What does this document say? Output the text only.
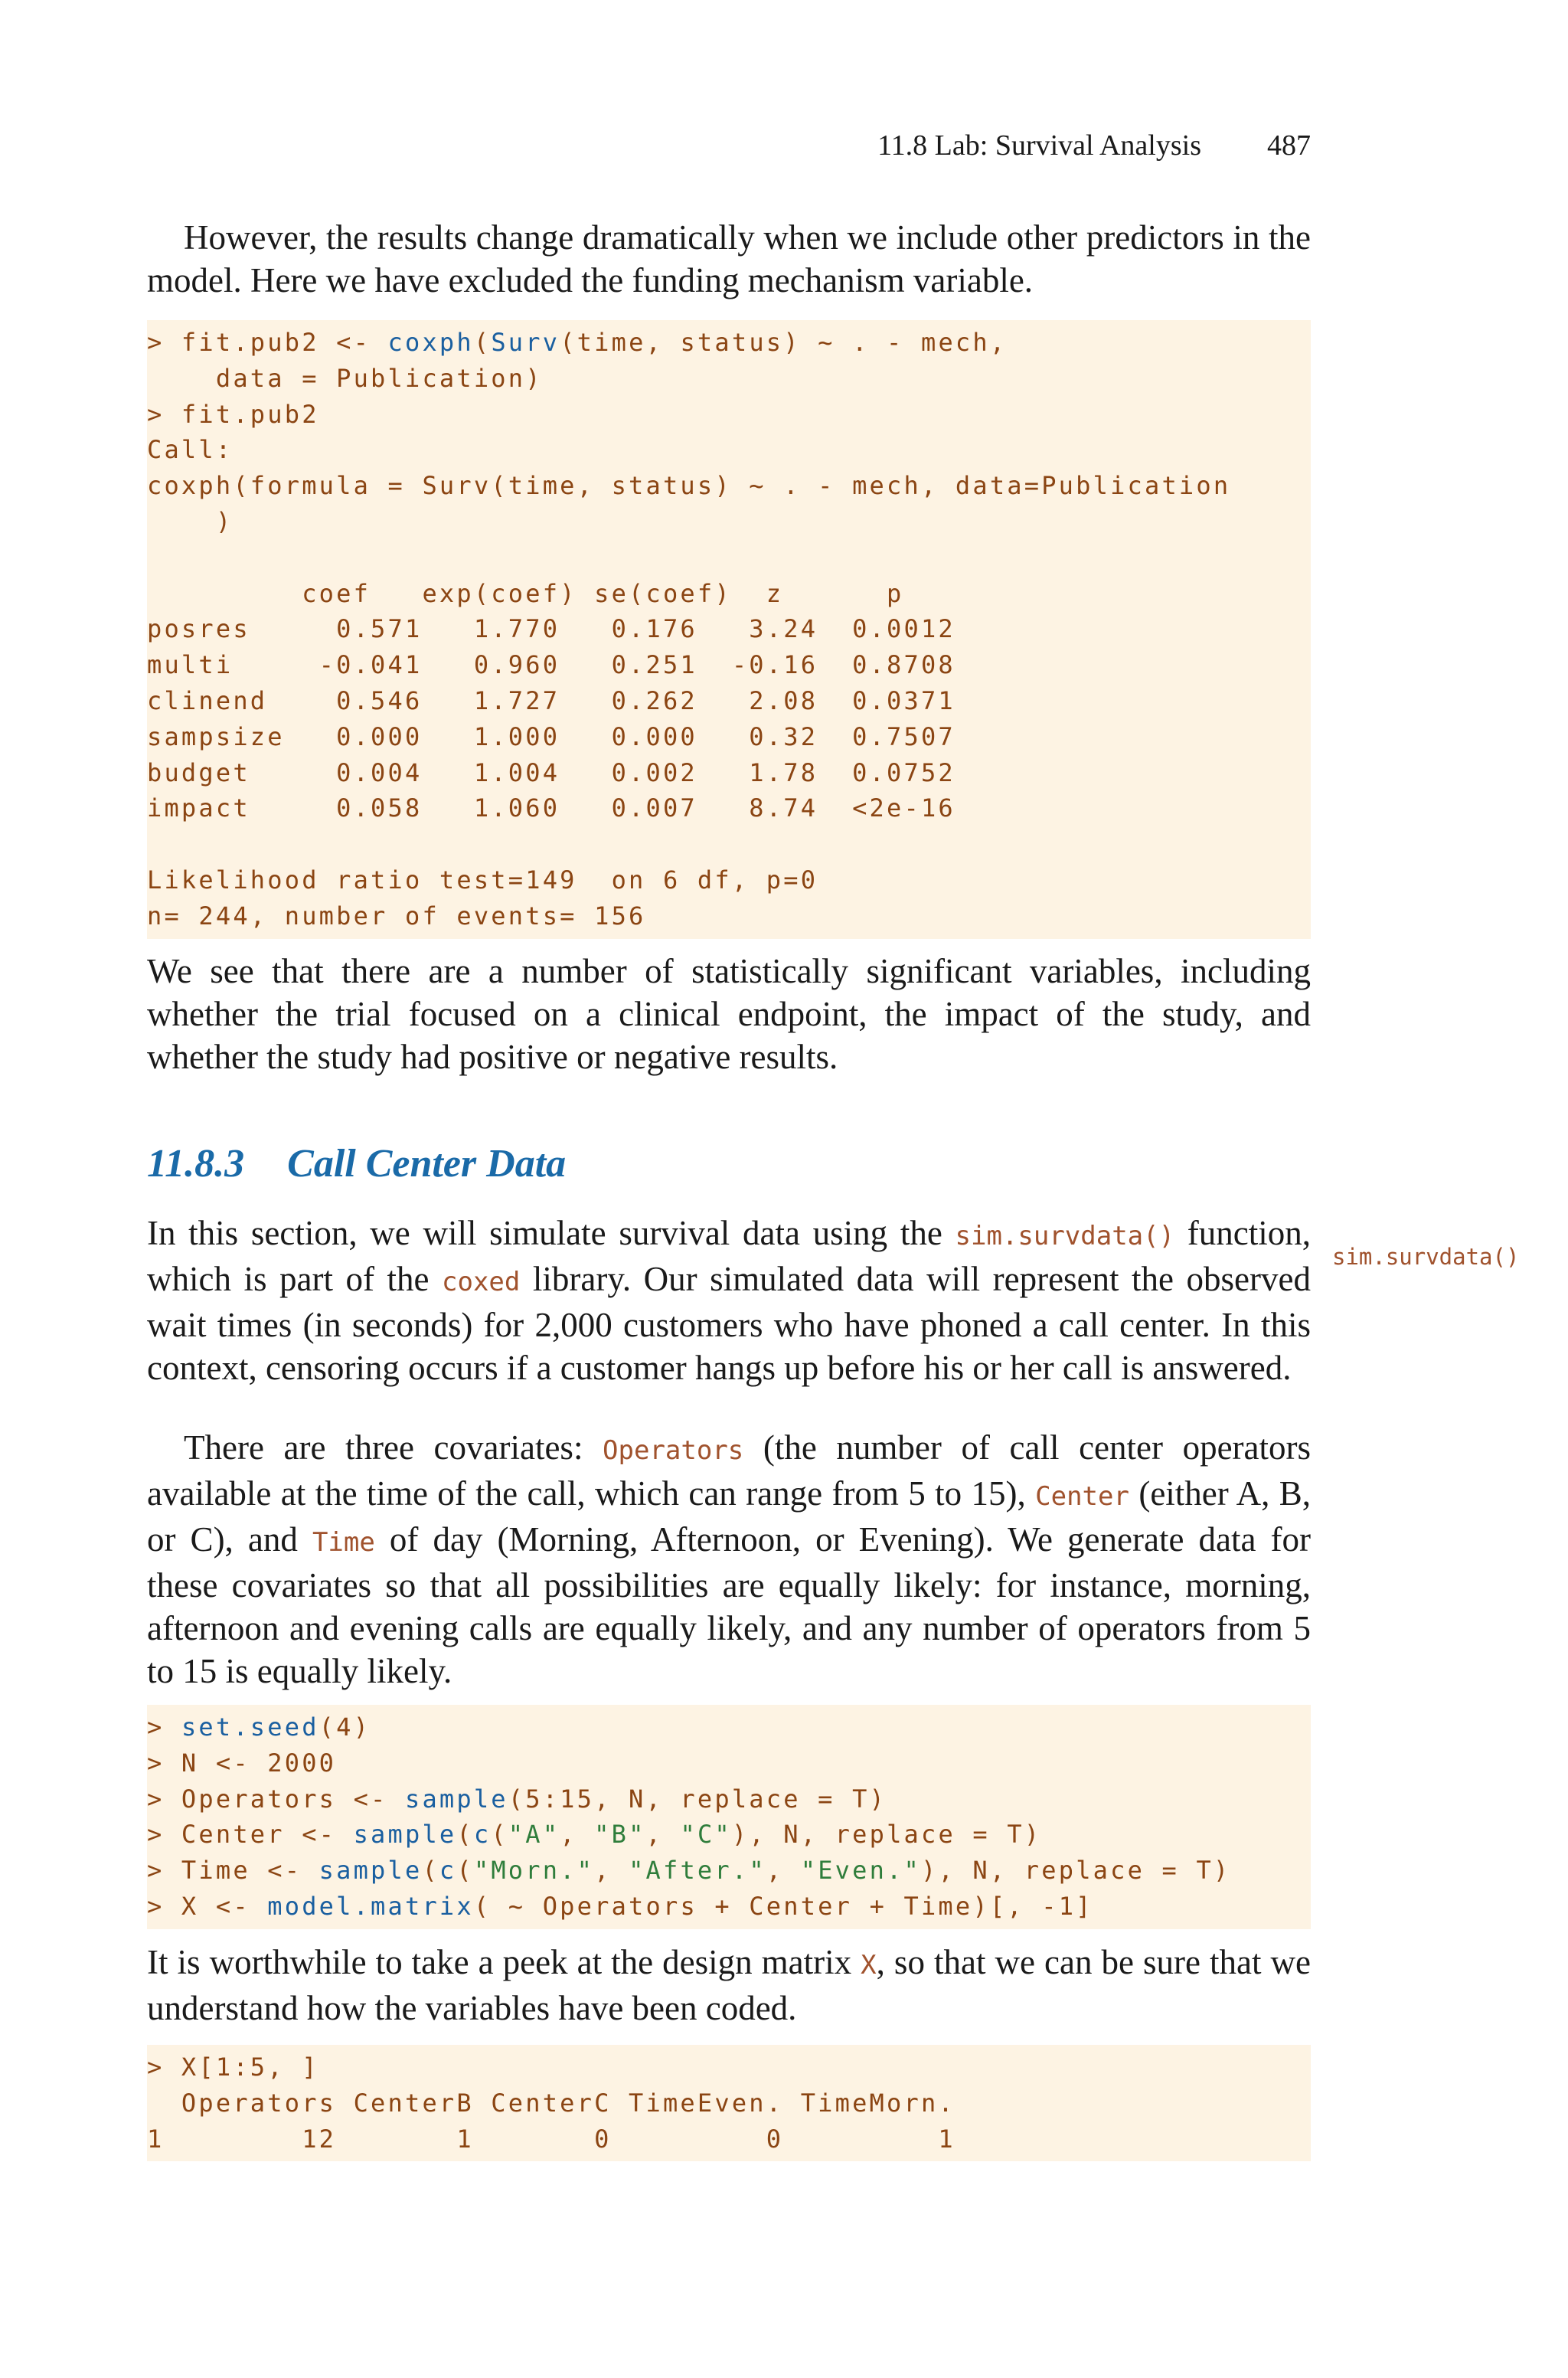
11.8 Lab: Survival Analysis 487

However, the results change dramatically when we include other predictors in the model. Here we have excluded the funding mechanism variable.

> fit.pub2 <- coxph(Surv(time, status) ~ . - mech,
data = Publication)
> fit.pub2
Call:
coxph(formula = Surv(time, status) ~ . - mech, data=Publication
)
coef   exp(coef) se(coef)  z      p
posres     0.571   1.770   0.176   3.24  0.0012
multi     -0.041   0.960   0.251  -0.16  0.8708
clinend    0.546   1.727   0.262   2.08  0.0371
sampsize   0.000   1.000   0.000   0.32  0.7507
budget     0.004   1.004   0.002   1.78  0.0752
impact     0.058   1.060   0.007   8.74  <2e-16
Likelihood ratio test=149  on 6 df, p=0
n= 244, number of events= 156

We see that there are a number of statistically significant variables, including whether the trial focused on a clinical endpoint, the impact of the study, and whether the study had positive or negative results.

11.8.3 Call Center Data
sim.survdata()

In this section, we will simulate survival data using the sim.survdata() function, which is part of the coxed library. Our simulated data will represent the observed wait times (in seconds) for 2,000 customers who have phoned a call center. In this context, censoring occurs if a customer hangs up before his or her call is answered.

There are three covariates: Operators (the number of call center operators available at the time of the call, which can range from 5 to 15), Center (either A, B, or C), and Time of day (Morning, Afternoon, or Evening). We generate data for these covariates so that all possibilities are equally likely: for instance, morning, afternoon and evening calls are equally likely, and any number of operators from 5 to 15 is equally likely.

> set.seed(4)
> N <- 2000
> Operators <- sample(5:15, N, replace = T)
> Center <- sample(c("A", "B", "C"), N, replace = T)
> Time <- sample(c("Morn.", "After.", "Even."), N, replace = T)
> X <- model.matrix( ~ Operators + Center + Time)[, -1]

It is worthwhile to take a peek at the design matrix X, so that we can be sure that we understand how the variables have been coded.

> X[1:5, ]
Operators CenterB CenterC TimeEven. TimeMorn.
1        12       1       0         0         1
